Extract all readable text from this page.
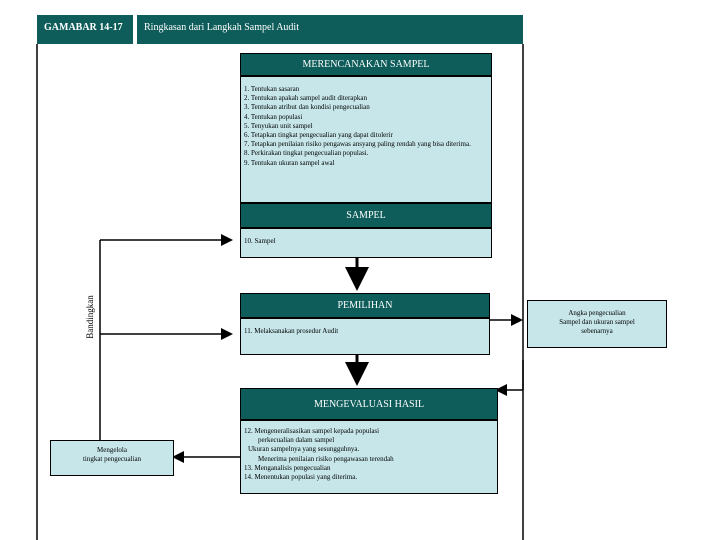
GAMABAR 14-17 Ringkasan dari Langkah Sampel Audit
MERENCANAKAN SAMPEL
1. Tentukan sasaran
2. Tentukan apakah sampel audit diterapkan
3. Tentukan atribut dan kondisi pengecualian
4. Tentukan populasi
5. Tenyukan unit sampel
6. Tetapkan tingkat pengecualian yang dapat ditolerir
7. Tetapkan penilaian risiko pengawas ansyang paling rendah yang bisa diterima.
8. Perkirakan tingkat pengecualian populasi.
9. Tentukan ukuran sampel awal
SAMPEL
10. Sampel
PEMILIHAN
11. Melaksanakan prosedur Audit
MENGEVALUASI HASIL
12. Mengeneralisasikan sampel kepada populasi
perkecualian dalam sampel
Ukuran sampelnya yang sesungguhnya.
Menerima penilaian risiko pengawasan terendah
13. Menganalisis pengecualian
14. Menentukan populasi yang diterima.
Bandingkan
Mengelola
tingkat pengecualian
Angka pengecualian
Sampel dan ukuran sampel
sebenarnya
